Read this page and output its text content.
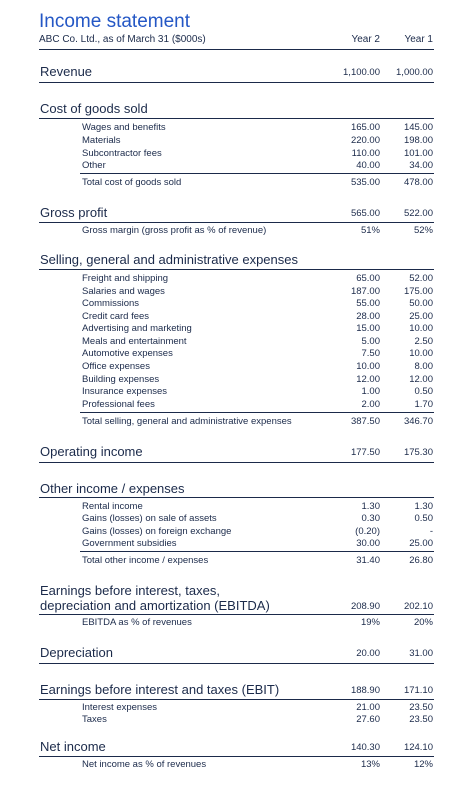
Income statement
ABC Co. Ltd., as of March 31 ($000s)	Year 2 Year 1
Revenue	1,100.00 1,000.00
Cost of goods sold
Wages and benefits	165.00	145.00
Materials	220.00	198.00
Subcontractor fees	110.00	101.00
Other	40.00	34.00
Total cost of goods sold	535.00	478.00
Gross profit	565.00	522.00
Gross margin (gross profit as % of revenue)	51%	52%
Selling, general and administrative expenses
Freight and shipping	65.00	52.00
Salaries and wages	187.00	175.00
Commissions	55.00	50.00
Credit card fees	28.00	25.00
Advertising and marketing	15.00	10.00
Meals and entertainment	5.00	2.50
Automotive expenses	7.50	10.00
Office expenses	10.00	8.00
Building expenses	12.00	12.00
Insurance expenses	1.00	0.50
Professional fees	2.00	1.70
Total selling, general and administrative expenses	387.50	346.70
Operating income	177.50	175.30
Other income / expenses
Rental income	1.30	1.30
Gains (losses) on sale of assets	0.30	0.50
Gains (losses) on foreign exchange	(0.20)	-
Government subsidies	30.00	25.00
Total other income / expenses	31.40	26.80
Earnings before interest, taxes,
depreciation and amortization (EBITDA)	208.90	202.10
EBITDA as % of revenues	19%	20%
Depreciation	20.00	31.00
Earnings before interest and taxes (EBIT)	188.90	171.10
Interest expenses	21.00	23.50
Taxes	27.60	23.50
Net income	140.30	124.10
Net income as % of revenues	13%	12%
